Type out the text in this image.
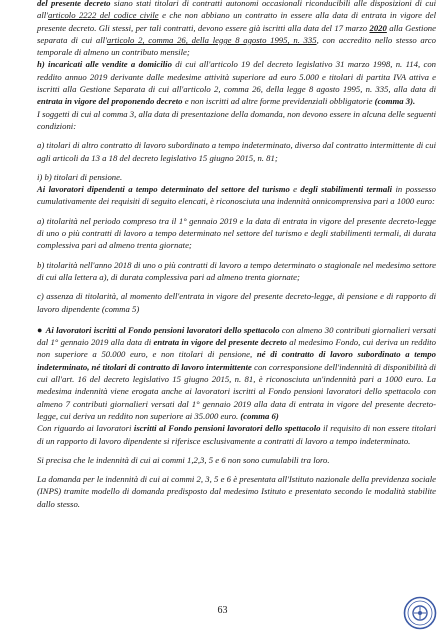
del presente decreto siano stati titolari di contratti autonomi occasionali riconducibili alle disposizioni di cui all'articolo 2222 del codice civile e che non abbiano un contratto in essere alla data di entrata in vigore del presente decreto. Gli stessi, per tali contratti, devono essere già iscritti alla data del 17 marzo 2020 alla Gestione separata di cui all'articolo 2, comma 26, della legge 8 agosto 1995, n. 335, con accredito nello stesso arco temporale di almeno un contributo mensile;

h) incaricati alle vendite a domicilio di cui all'articolo 19 del decreto legislativo 31 marzo 1998, n. 114, con reddito annuo 2019 derivante dalle medesime attività superiore ad euro 5.000 e titolari di partita IVA attiva e iscritti alla Gestione Separata di cui all'articolo 2, comma 26, della legge 8 agosto 1995, n. 335, alla data di entrata in vigore del proponendo decreto e non iscritti ad altre forme previdenziali obbligatorie (comma 3).

I soggetti di cui al comma 3, alla data di presentazione della domanda, non devono essere in alcuna delle seguenti condizioni:

a) titolari di altro contratto di lavoro subordinato a tempo indeterminato, diverso dal contratto intermittente di cui agli articoli da 13 a 18 del decreto legislativo 15 giugno 2015, n. 81;

i) b) titolari di pensione.

Ai lavoratori dipendenti a tempo determinato del settore del turismo e degli stabilimenti termali in possesso cumulativamente dei requisiti di seguito elencati, è riconosciuta una indennità onnicomprensiva pari a 1000 euro:

a) titolarità nel periodo compreso tra il 1° gennaio 2019 e la data di entrata in vigore del presente decreto-legge di uno o più contratti di lavoro a tempo determinato nel settore del turismo e degli stabilimenti termali, di durata complessiva pari ad almeno trenta giornate;

b) titolarità nell'anno 2018 di uno o più contratti di lavoro a tempo determinato o stagionale nel medesimo settore di cui alla lettera a), di durata complessiva pari ad almeno trenta giornate;

c) assenza di titolarità, al momento dell'entrata in vigore del presente decreto-legge, di pensione e di rapporto di lavoro dipendente (comma 5)

● Ai lavoratori iscritti al Fondo pensioni lavoratori dello spettacolo con almeno 30 contributi giornalieri versati dal 1° gennaio 2019 alla data di entrata in vigore del presente decreto al medesimo Fondo, cui deriva un reddito non superiore a 50.000 euro, e non titolari di pensione, né di contratto di lavoro subordinato a tempo indeterminato, né titolari di contratto di lavoro intermittente con corresponsione dell'indennità di disponibilità di cui all'art. 16 del decreto legislativo 15 giugno 2015, n. 81, è riconosciuta un'indennità pari a 1000 euro. La medesima indennità viene erogata anche ai lavoratori iscritti al Fondo pensioni lavoratori dello spettacolo con almeno 7 contributi giornalieri versati dal 1° gennaio 2019 alla data di entrata in vigore del presente decreto-legge, cui deriva un reddito non superiore ai 35.000 euro. (comma 6)

Con riguardo ai lavoratori iscritti al Fondo pensioni lavoratori dello spettacolo il requisito di non essere titolari di un rapporto di lavoro dipendente si riferisce esclusivamente a contratti di lavoro a tempo indeterminato.

Si precisa che le indennità di cui ai commi 1,2,3, 5 e 6 non sono cumulabili tra loro.

La domanda per le indennità di cui ai commi 2, 3, 5 e 6 è presentata all'Istituto nazionale della previdenza sociale (INPS) tramite modello di domanda predisposto dal medesimo Istituto e presentato secondo le modalità stabilite dallo stesso.

63
